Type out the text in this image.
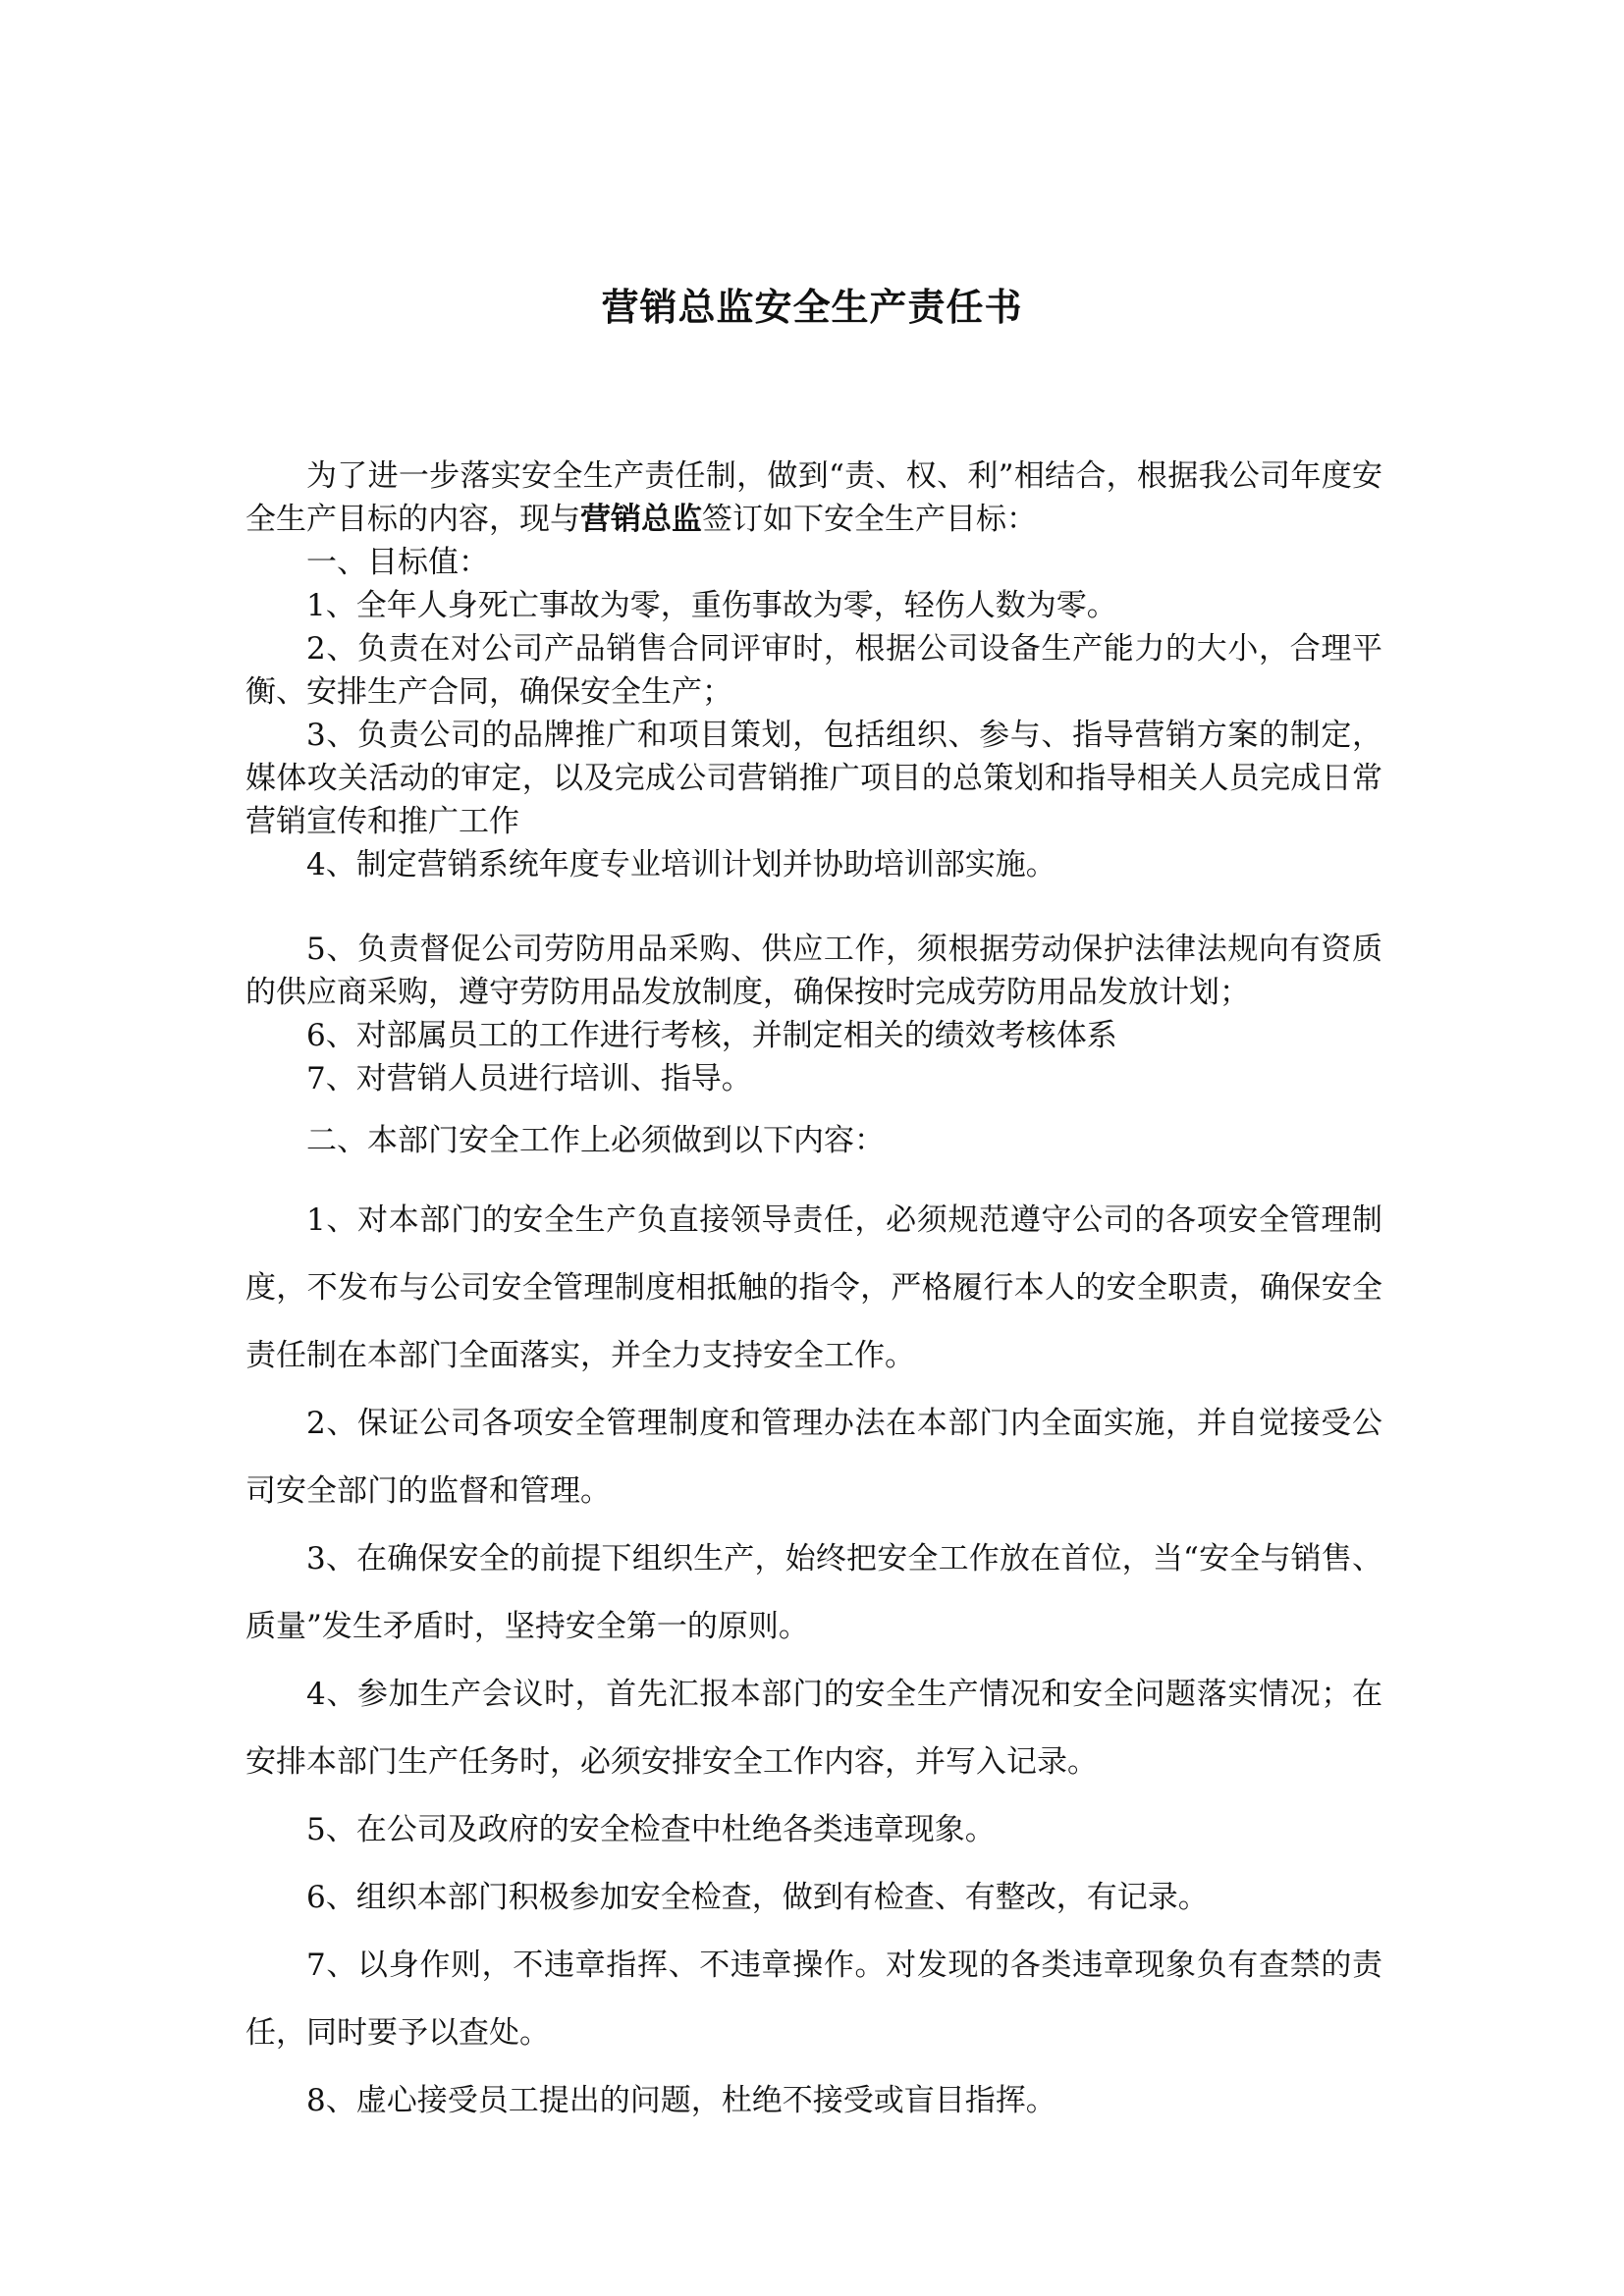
营销总监安全生产责任书

为了进一步落实安全生产责任制，做到“责、权、利”相结合，根据我公司年度安全生产目标的内容，现与营销总监签订如下安全生产目标：

一、目标值：

1、全年人身死亡事故为零，重伤事故为零，轻伤人数为零。

2、负责在对公司产品销售合同评审时，根据公司设备生产能力的大小，合理平衡、安排生产合同，确保安全生产；

3、负责公司的品牌推广和项目策划，包括组织、参与、指导营销方案的制定，媒体攻关活动的审定，以及完成公司营销推广项目的总策划和指导相关人员完成日常营销宣传和推广工作

4、制定营销系统年度专业培训计划并协助培训部实施。

5、负责督促公司劳防用品采购、供应工作，须根据劳动保护法律法规向有资质的供应商采购，遵守劳防用品发放制度，确保按时完成劳防用品发放计划；

6、对部属员工的工作进行考核，并制定相关的绩效考核体系

7、对营销人员进行培训、指导。

二、本部门安全工作上必须做到以下内容：

1、对本部门的安全生产负直接领导责任，必须规范遵守公司的各项安全管理制度，不发布与公司安全管理制度相抵触的指令，严格履行本人的安全职责，确保安全责任制在本部门全面落实，并全力支持安全工作。

2、保证公司各项安全管理制度和管理办法在本部门内全面实施，并自觉接受公司安全部门的监督和管理。

3、在确保安全的前提下组织生产，始终把安全工作放在首位，当“安全与销售、质量”发生矛盾时，坚持安全第一的原则。

4、参加生产会议时，首先汇报本部门的安全生产情况和安全问题落实情况；在安排本部门生产任务时，必须安排安全工作内容，并写入记录。

5、在公司及政府的安全检查中杜绝各类违章现象。

6、组织本部门积极参加安全检查，做到有检查、有整改，有记录。

7、以身作则，不违章指挥、不违章操作。对发现的各类违章现象负有查禁的责任，同时要予以查处。

8、虚心接受员工提出的问题，杜绝不接受或盲目指挥。
